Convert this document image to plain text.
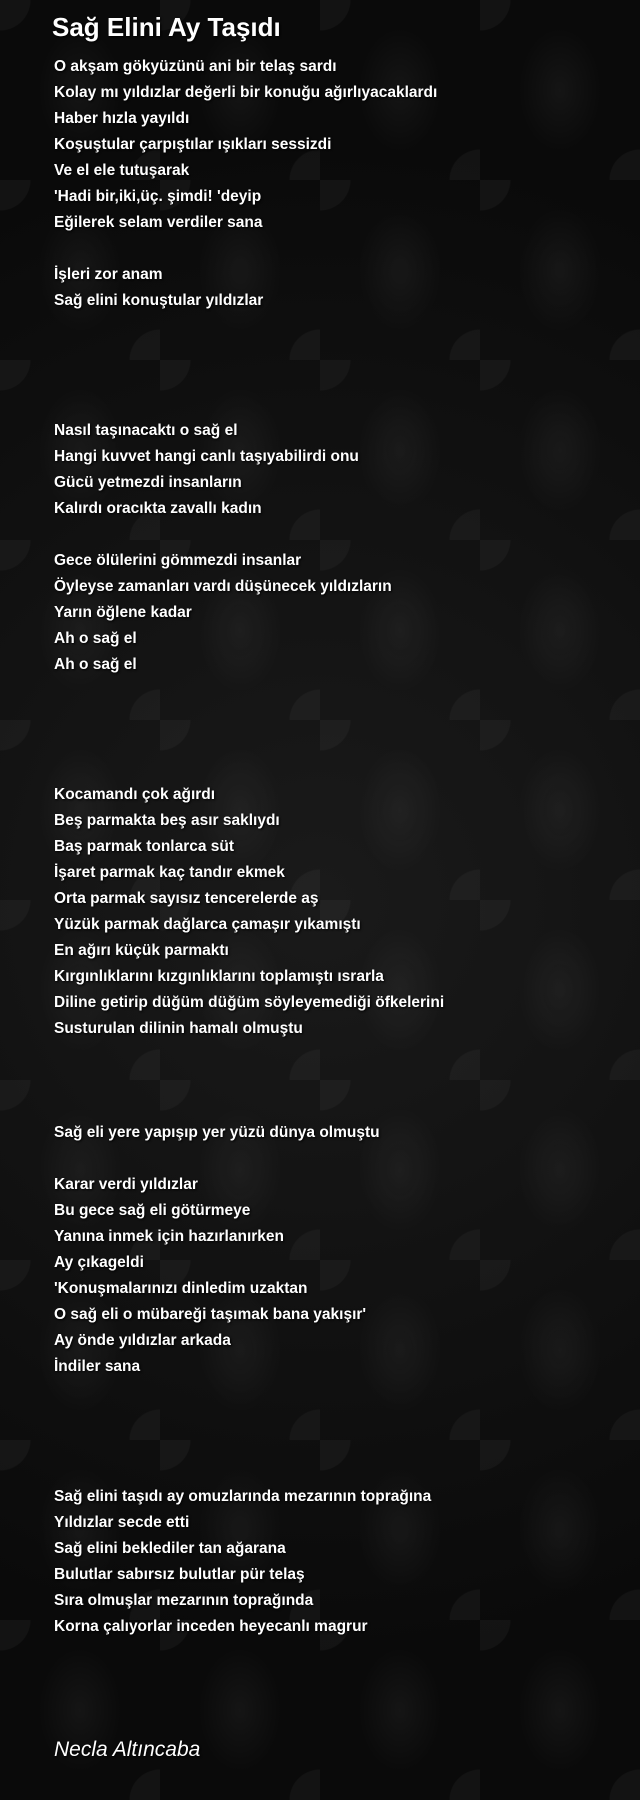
Sağ Elini Ay Taşıdı
O akşam gökyüzünü ani bir telaş sardı
Kolay mı yıldızlar değerli bir konuğu ağırlıyacaklardı
Haber hızla yayıldı
Koşuştular çarpıştılar ışıkları sessizdi
Ve el ele tutuşarak
'Hadi bir,iki,üç. şimdi! 'deyip
Eğilerek selam verdiler sana
İşleri zor anam
Sağ elini konuştular yıldızlar
Nasıl taşınacaktı o sağ el
Hangi kuvvet hangi canlı taşıyabilirdi onu
Gücü yetmezdi insanların
Kalırdı oracıkta zavallı kadın
Gece ölülerini gömmezdi insanlar
Öyleyse zamanları vardı düşünecek yıldızların
Yarın öğlene kadar
Ah o sağ el
Ah o sağ el
Kocamandı çok ağırdı
Beş parmakta beş asır saklıydı
Baş parmak tonlarca süt
İşaret parmak kaç tandır ekmek
Orta parmak sayısız tencerelerde aş
Yüzük parmak dağlarca çamaşır yıkamıştı
En ağırı küçük parmaktı
Kırgınlıklarını kızgınlıklarını toplamıştı ısrarla
Diline getirip düğüm düğüm söyleyemediği öfkelerini
Susturulan dilinin hamalı olmuştu
Sağ eli yere yapışıp yer yüzü dünya olmuştu
Karar verdi yıldızlar
Bu gece sağ eli götürmeye
Yanına inmek için hazırlanırken
Ay çıkageldi
'Konuşmalarınızı dinledim uzaktan
O sağ eli o mübareği taşımak bana yakışır'
Ay önde yıldızlar arkada
İndiler sana
Sağ elini taşıdı ay omuzlarında mezarının toprağına
Yıldızlar secde etti
Sağ elini beklediler tan ağarana
Bulutlar sabırsız bulutlar pür telaş
Sıra olmuşlar mezarının toprağında
Korna çalıyorlar inceden heyecanlı magrur
Necla Altıncaba
